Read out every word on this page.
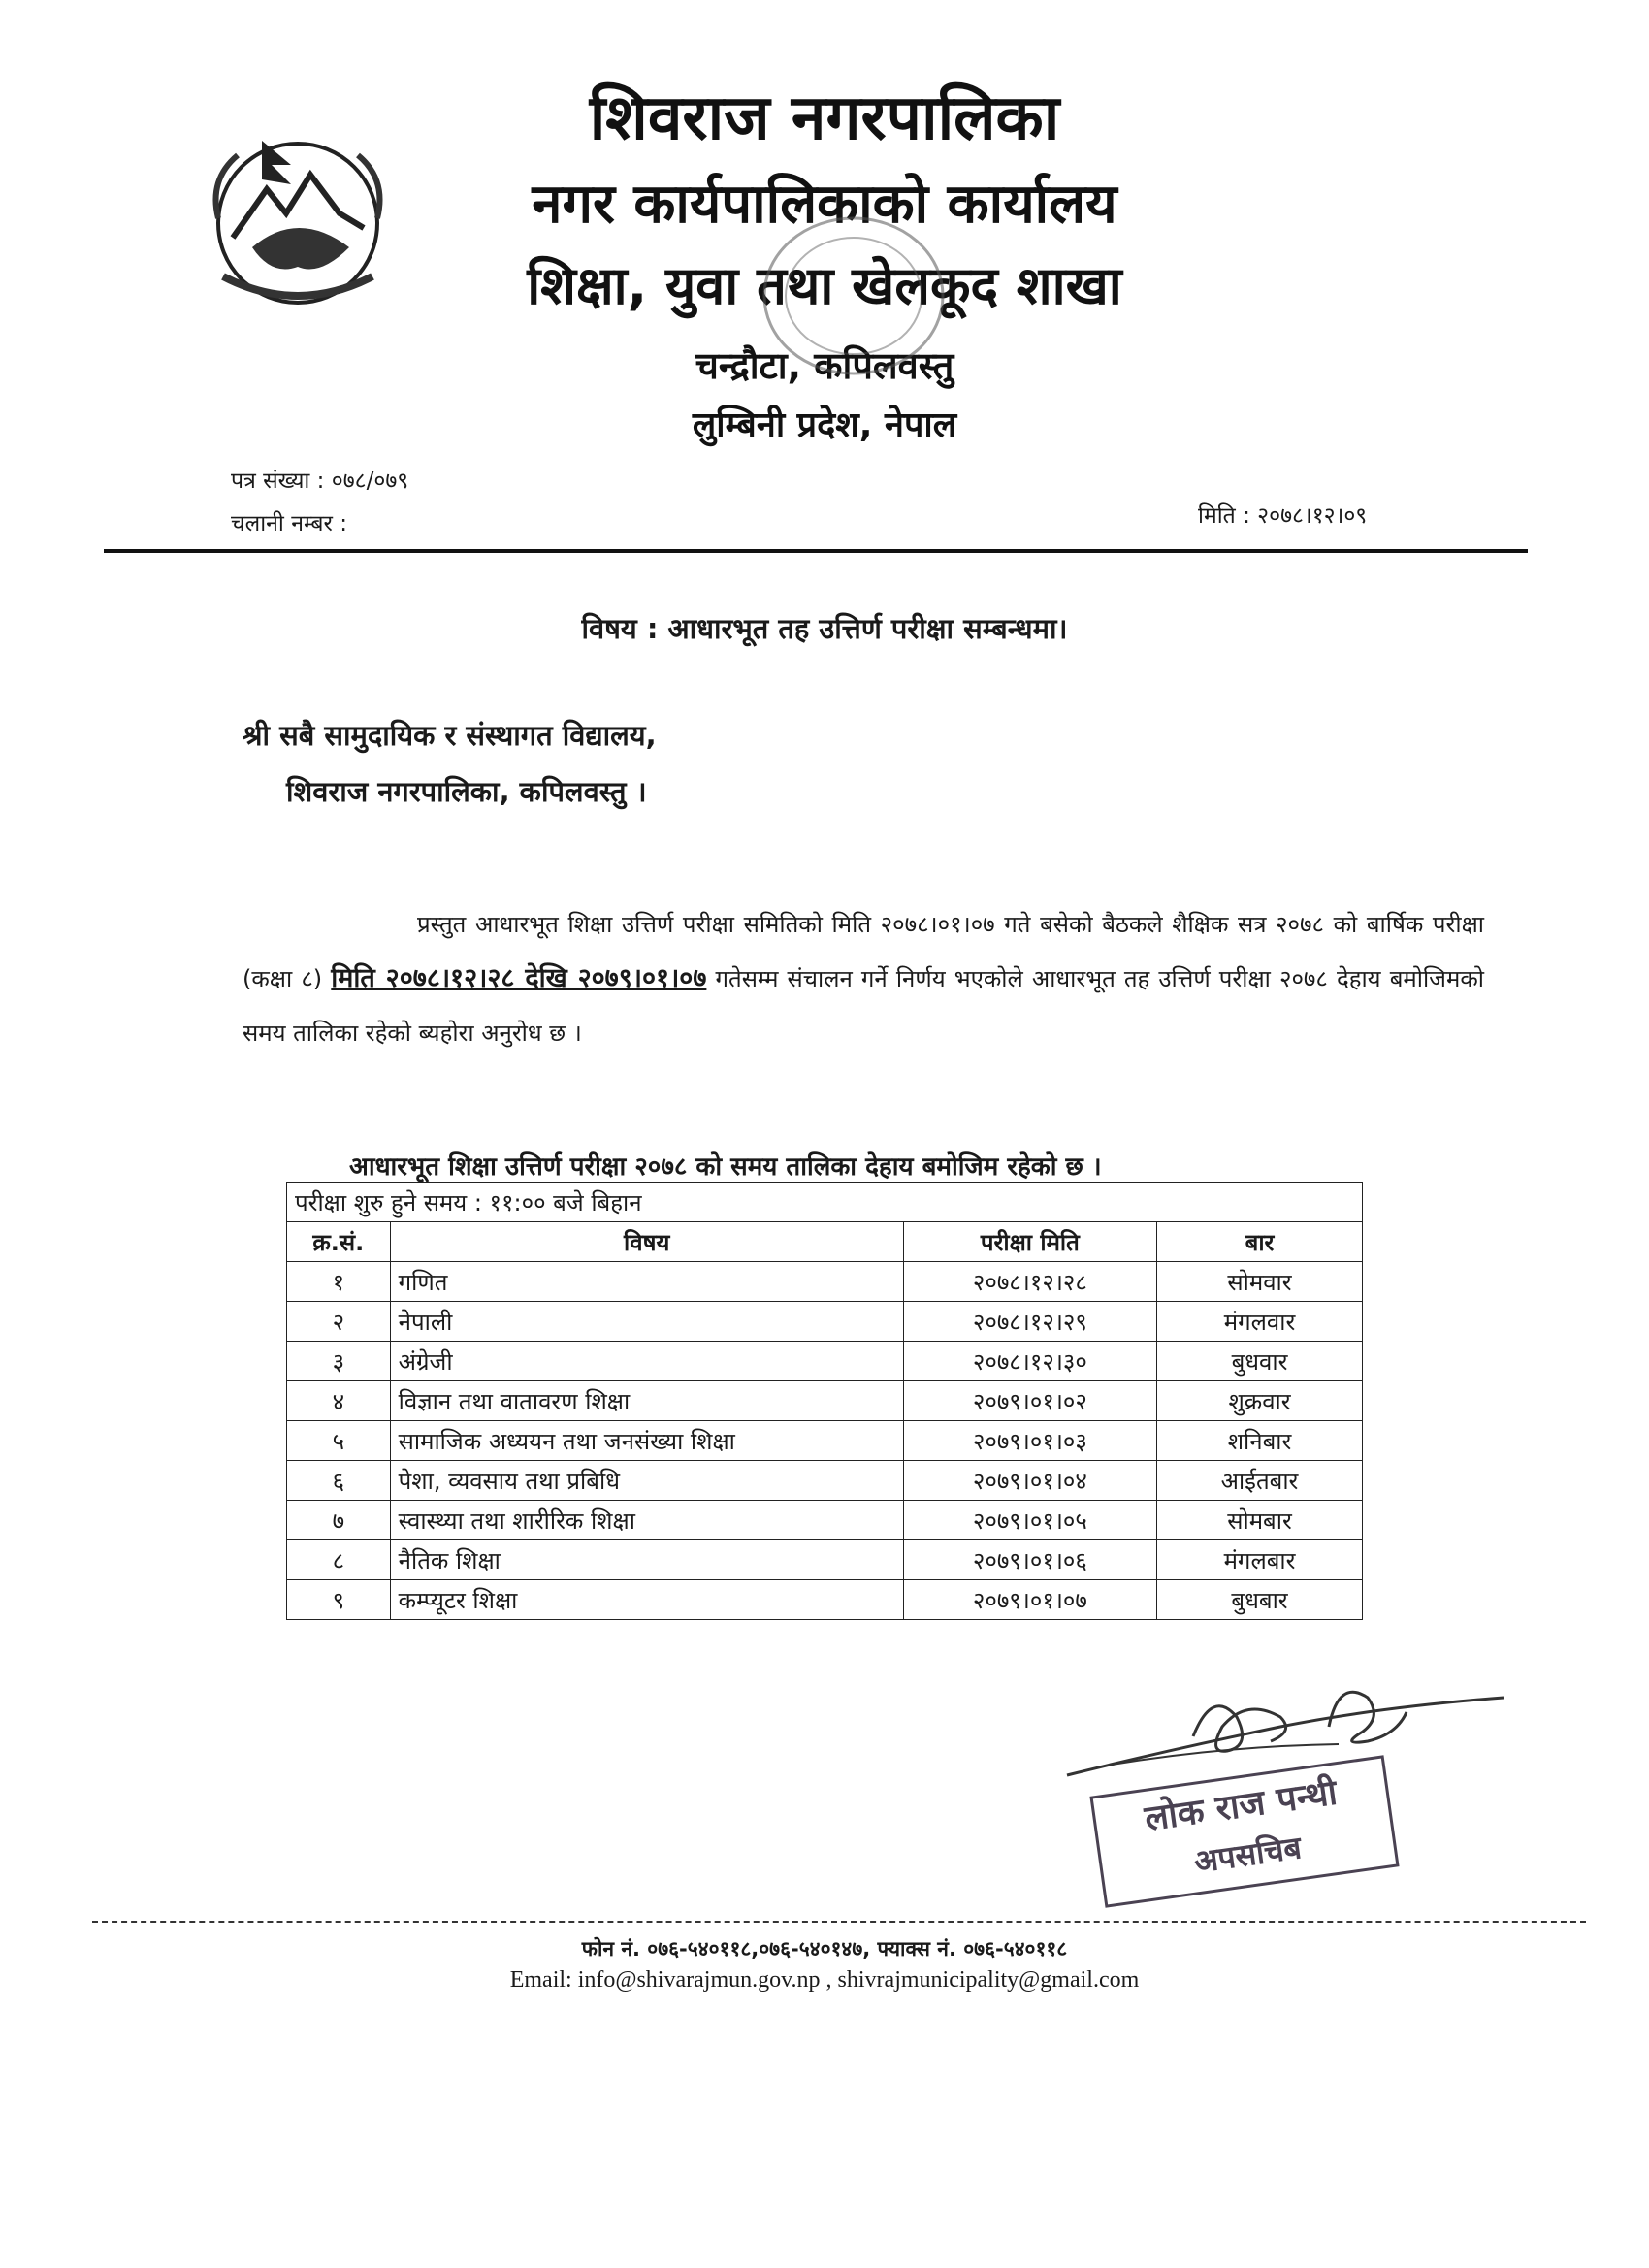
शिवराज नगरपालिका
नगर कार्यपालिकाको कार्यालय
शिक्षा, युवा तथा खेलकूद शाखा
चन्द्रौटा, कपिलवस्तु
लुम्बिनी प्रदेश, नेपाल
पत्र संख्या : ०७८/०७९
चलानी नम्बर :	मिति : २०७८।१२।०९
विषय : आधारभूत तह उत्तिर्ण परीक्षा सम्बन्धमा।
श्री सबै सामुदायिक र संस्थागत विद्यालय,
शिवराज नगरपालिका, कपिलवस्तु ।
प्रस्तुत आधारभूत शिक्षा उत्तिर्ण परीक्षा समितिको मिति २०७८।०१।०७ गते बसेको बैठकले शैक्षिक सत्र २०७८ को बार्षिक परीक्षा (कक्षा ८) मिति २०७८।१२।२८ देखि २०७९।०१।०७ गतेसम्म संचालन गर्ने निर्णय भएकोले आधारभूत तह उत्तिर्ण परीक्षा २०७८ देहाय बमोजिमको समय तालिका रहेको ब्यहोरा अनुरोध छ ।
आधारभूत शिक्षा उत्तिर्ण परीक्षा २०७८ को समय तालिका देहाय बमोजिम रहेको छ ।
परीक्षा शुरु हुने समय : ११:०० बजे बिहान			
क्र.सं.	विषय	परीक्षा मिति	बार
१	गणित	२०७८।१२।२८	सोमवार
२	नेपाली	२०७८।१२।२९	मंगलवार
३	अंग्रेजी	२०७८।१२।३०	बुधवार
४	विज्ञान तथा वातावरण शिक्षा	२०७९।०१।०२	शुक्रवार
५	सामाजिक अध्ययन तथा जनसंख्या शिक्षा	२०७९।०१।०३	शनिबार
६	पेशा, व्यवसाय तथा प्रबिधि	२०७९।०१।०४	आईतबार
७	स्वास्थ्या तथा शारीरिक शिक्षा	२०७९।०१।०५	सोमबार
८	नैतिक शिक्षा	२०७९।०१।०६	मंगलबार
९	कम्प्यूटर शिक्षा	२०७९।०१।०७	बुधबार
लोक राज पन्थी
अपसचिब
फोन नं. ०७६-५४०११८,०७६-५४०१४७, फ्याक्स नं. ०७६-५४०११८
Email: info@shivarajmun.gov.np , shivrajmunicipality@gmail.com
